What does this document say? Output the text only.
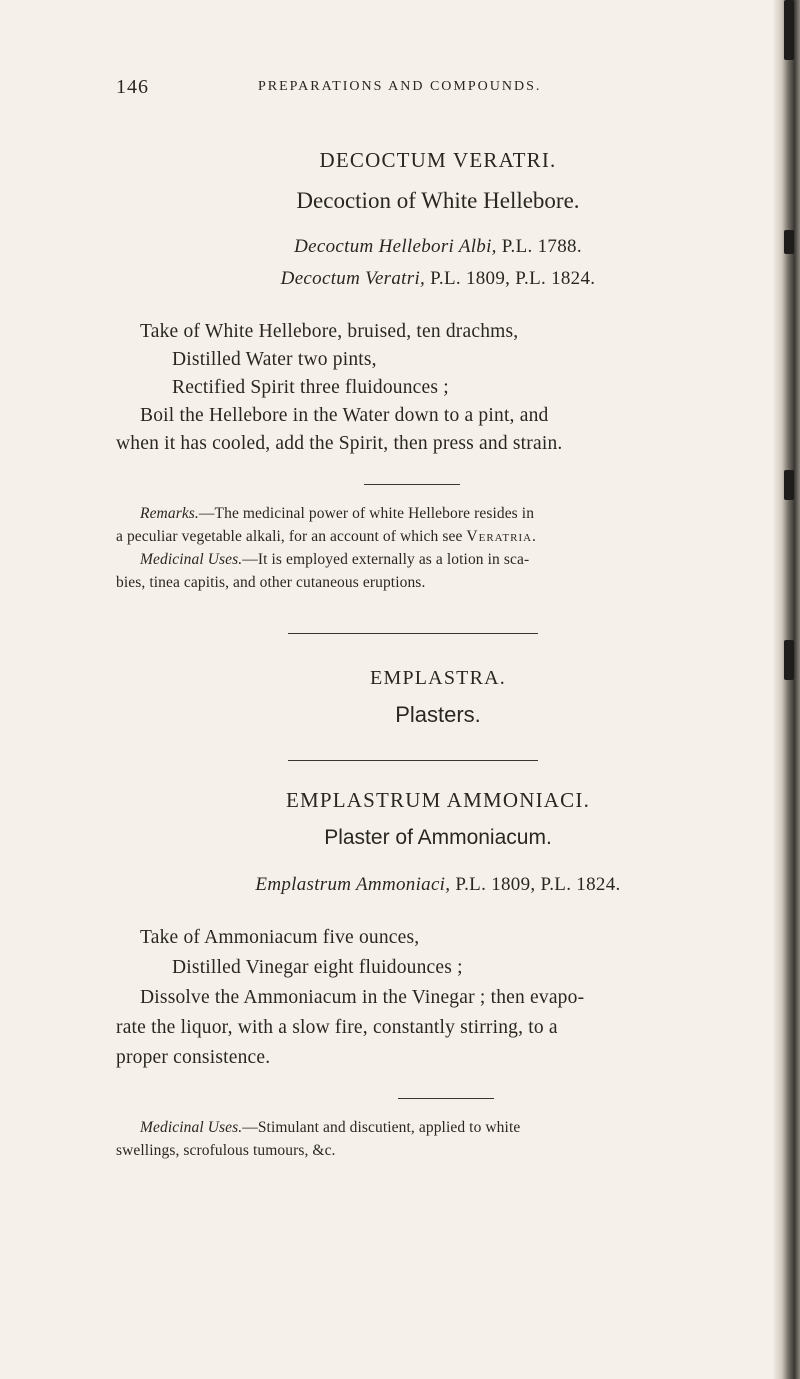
146	PREPARATIONS AND COMPOUNDS.
DECOCTUM VERATRI.
Decoction of White Hellebore.
Decoctum Hellebori Albi, P.L. 1788.
Decoctum Veratri, P.L. 1809, P.L. 1824.
Take of White Hellebore, bruised, ten drachms,
Distilled Water two pints,
Rectified Spirit three fluidounces ;
Boil the Hellebore in the Water down to a pint, and
when it has cooled, add the Spirit, then press and strain.
Remarks.—The medicinal power of white Hellebore resides in
a peculiar vegetable alkali, for an account of which see Veratria.
Medicinal Uses.—It is employed externally as a lotion in sca-
bies, tinea capitis, and other cutaneous eruptions.
EMPLASTRA.
Plasters.
EMPLASTRUM AMMONIACI.
Plaster of Ammoniacum.
Emplastrum Ammoniaci, P.L. 1809, P.L. 1824.
Take of Ammoniacum five ounces,
Distilled Vinegar eight fluidounces ;
Dissolve the Ammoniacum in the Vinegar ; then evapo-
rate the liquor, with a slow fire, constantly stirring, to a
proper consistence.
Medicinal Uses.—Stimulant and discutient, applied to white
swellings, scrofulous tumours, &c.
